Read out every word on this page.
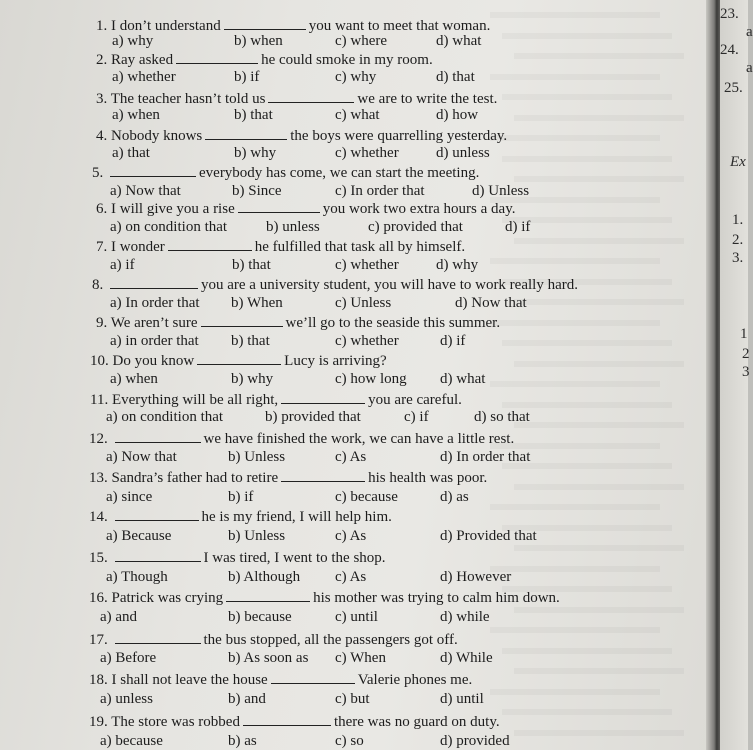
1. I don’t understand	you want to meet that woman.
a) why	b) when	c) where	d) what
2. Ray asked	he could smoke in my room.
a) whether	b) if	c) why	d) that
3. The teacher hasn’t told us	we are to write the test.
a) when	b) that	c) what	d) how
4. Nobody knows	the boys were quarrelling yesterday.
a) that	b) why	c) whether d) unless
5.	everybody has come, we can start the meeting.
a) Now that	b) Since	c) In order that	d) Unless
6. I will give you a rise	you work two extra hours a day.
a) on condition that	b) unless	c) provided that	d) if
7. I wonder	he fulfilled that task all by himself.
a) if	b) that	c) whether d) why
8.	you are a university student, you will have to work really hard.
a) In order that b) When	c) Unless	d) Now that
9. We aren’t sure	we’ll go to the seaside this summer.
a) in order that b) that	c) whether	d) if
10. Do you know	Lucy is arriving?
a) when	b) why	c) how long d) what
11. Everything will be all right,	you are careful.
a) on condition that	b) provided that	c) if	d) so that
12.	we have finished the work, we can have a little rest.
a) Now that	b) Unless	c) As	d) In order that
13. Sandra’s father had to retire	his health was poor.
a) since	b) if	c) because	d) as
14.	he is my friend, I will help him.
a) Because	b) Unless	c) As	d) Provided that
15.	I was tired, I went to the shop.
a) Though	b) Although c) As	d) However
16. Patrick was crying	his mother was trying to calm him down.
a) and	b) because	c) until	d) while
17.	the bus stopped, all the passengers got off.
a) Before	b) As soon as c) When	d) While
18. I shall not leave the house	Valerie phones me.
a) unless	b) and	c) but	d) until
19. The store was robbed	there was no guard on duty.
a) because	b) as	c) so	d) provided
23.
a
24.
a
25.
Ex
1.
2.
3.
1
2
3
